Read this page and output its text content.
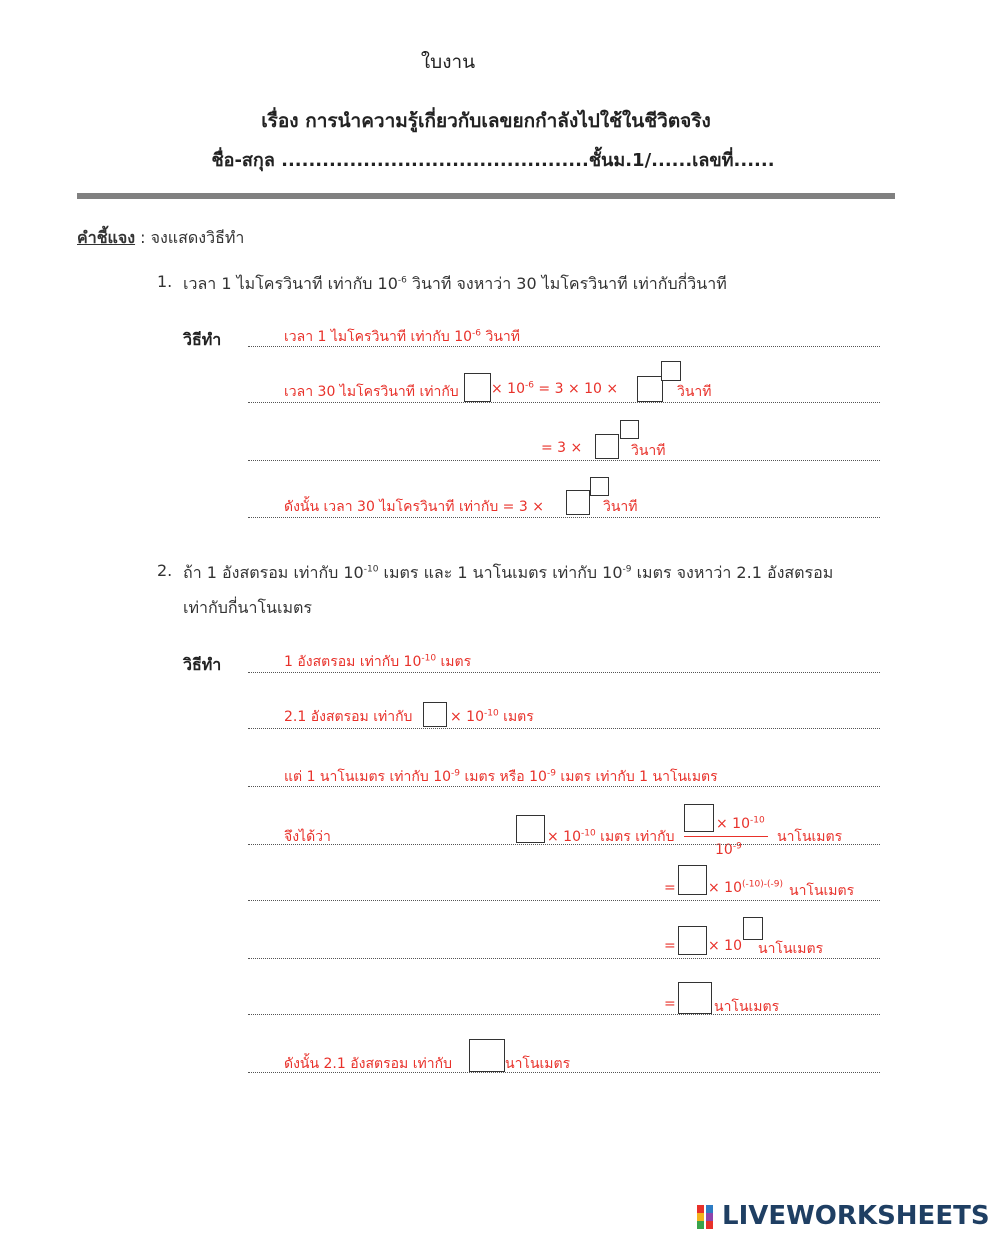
ใบงาน
เรื่อง การนำความรู้เกี่ยวกับเลขยกกำลังไปใช้ในชีวิตจริง
ชื่อ-สกุล .............................................ชั้นม.1/......เลขที่......
คำชี้แจง : จงแสดงวิธีทำ
1. เวลา 1 ไมโครวินาที เท่ากับ $10^{-6}$ วินาที จงหาว่า 30 ไมโครวินาที เท่ากับกี่วินาที
วิธีทำ	เวลา 1 ไมโครวินาที เท่ากับ $10^{-6}$ วินาที
เวลา 30 ไมโครวินาที เท่ากับ × $10^{-6} = 3 \times 10$ ×	วินาที
= 3 ×	วินาที
ดังนั้น เวลา 30 ไมโครวินาที เท่ากับ = 3 ×	วินาที
2. ถ้า 1 อังสตรอม เท่ากับ $10^{-10}$ เมตร และ 1 นาโนเมตร เท่ากับ $10^{-9}$ เมตร จงหาว่า 2.1 อังสตรอม
เท่ากับกี่นาโนเมตร
วิธีทำ	1 อังสตรอม เท่ากับ $10^{-10}$ เมตร
2.1 อังสตรอม เท่ากับ	× $10^{-10}$ เมตร
แต่ 1 นาโนเมตร เท่ากับ $10^{-9}$ เมตร หรือ $10^{-9}$ เมตร เท่ากับ 1 นาโนเมตร
จึงได้ว่า	× $10^{-10}$ เมตร เท่ากับ
× $10^{-10}$
$10^{-9}$
นาโนเมตร
= × $10^{(-10)-(-9)}$ นาโนเมตร
= × 10 นาโนเมตร
=	นาโนเมตร
ดังนั้น 2.1 อังสตรอม เท่ากับ	นาโนเมตร
LIVEWORKSHEETS
